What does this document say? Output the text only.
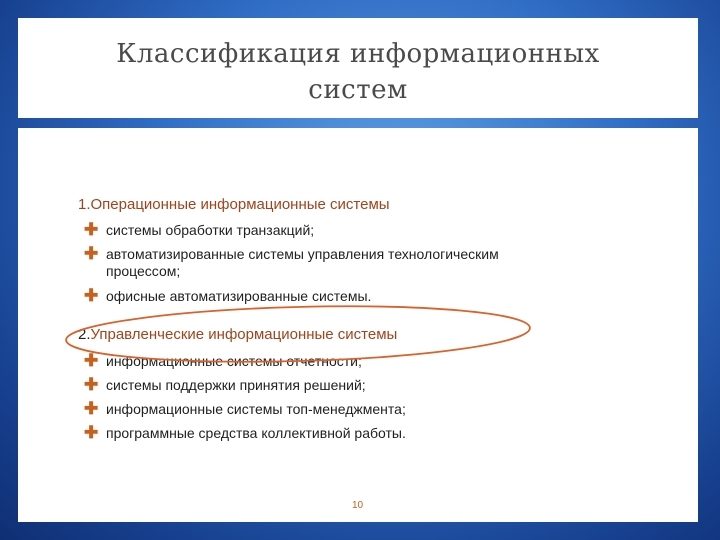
Классификация информационных
систем
1.Операционные информационные системы
✚ системы обработки транзакций;
✚ автоматизированные системы управления технологическим
процессом;
✚ офисные автоматизированные системы.
2.Управленческие информационные системы
✚ информационные системы отчетности;
✚ системы поддержки принятия решений;
✚ информационные системы топ-менеджмента;
✚ программные средства коллективной работы.
10
